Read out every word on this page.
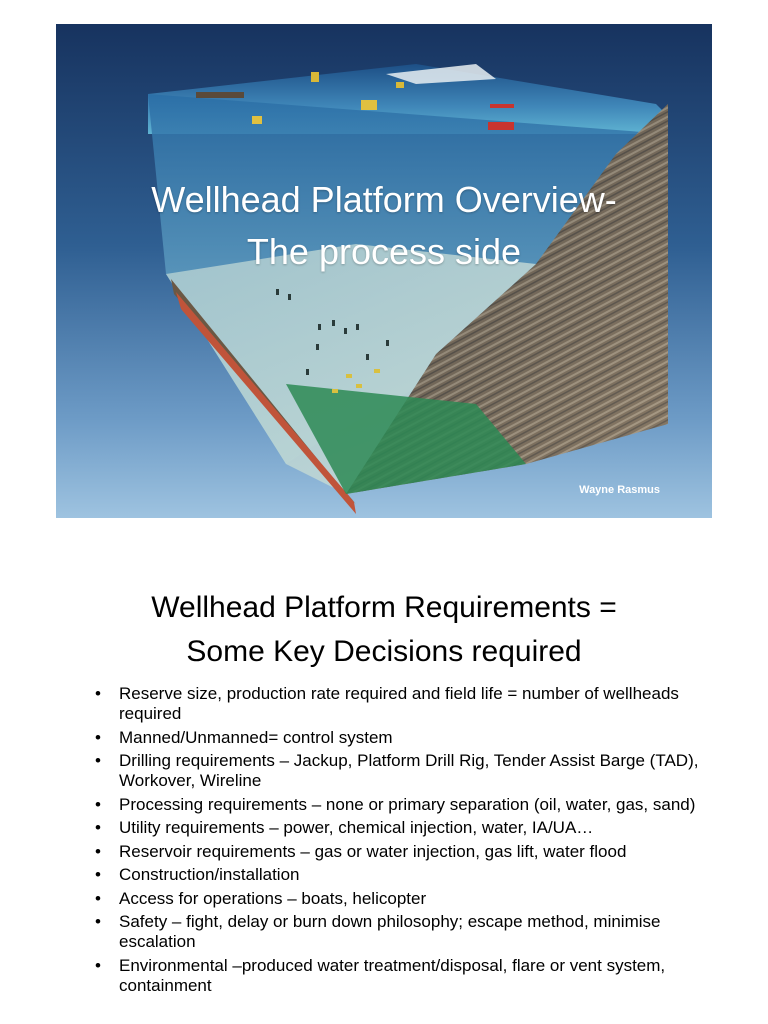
Wellhead Platform Overview-
The process side
Wayne Rasmus
Wellhead Platform Requirements =
Some Key Decisions required
• Reserve size, production rate required and field life = number of wellheads required
• Manned/Unmanned= control system
• Drilling requirements – Jackup, Platform Drill Rig, Tender Assist Barge (TAD), Workover, Wireline
• Processing requirements – none or primary separation (oil, water, gas, sand)
• Utility requirements – power, chemical injection, water, IA/UA…
• Reservoir requirements – gas or water injection, gas lift, water flood
• Construction/installation
• Access for operations – boats, helicopter
• Safety – fight, delay or burn down philosophy; escape method, minimise escalation
• Environmental –produced water treatment/disposal, flare or vent system, containment
